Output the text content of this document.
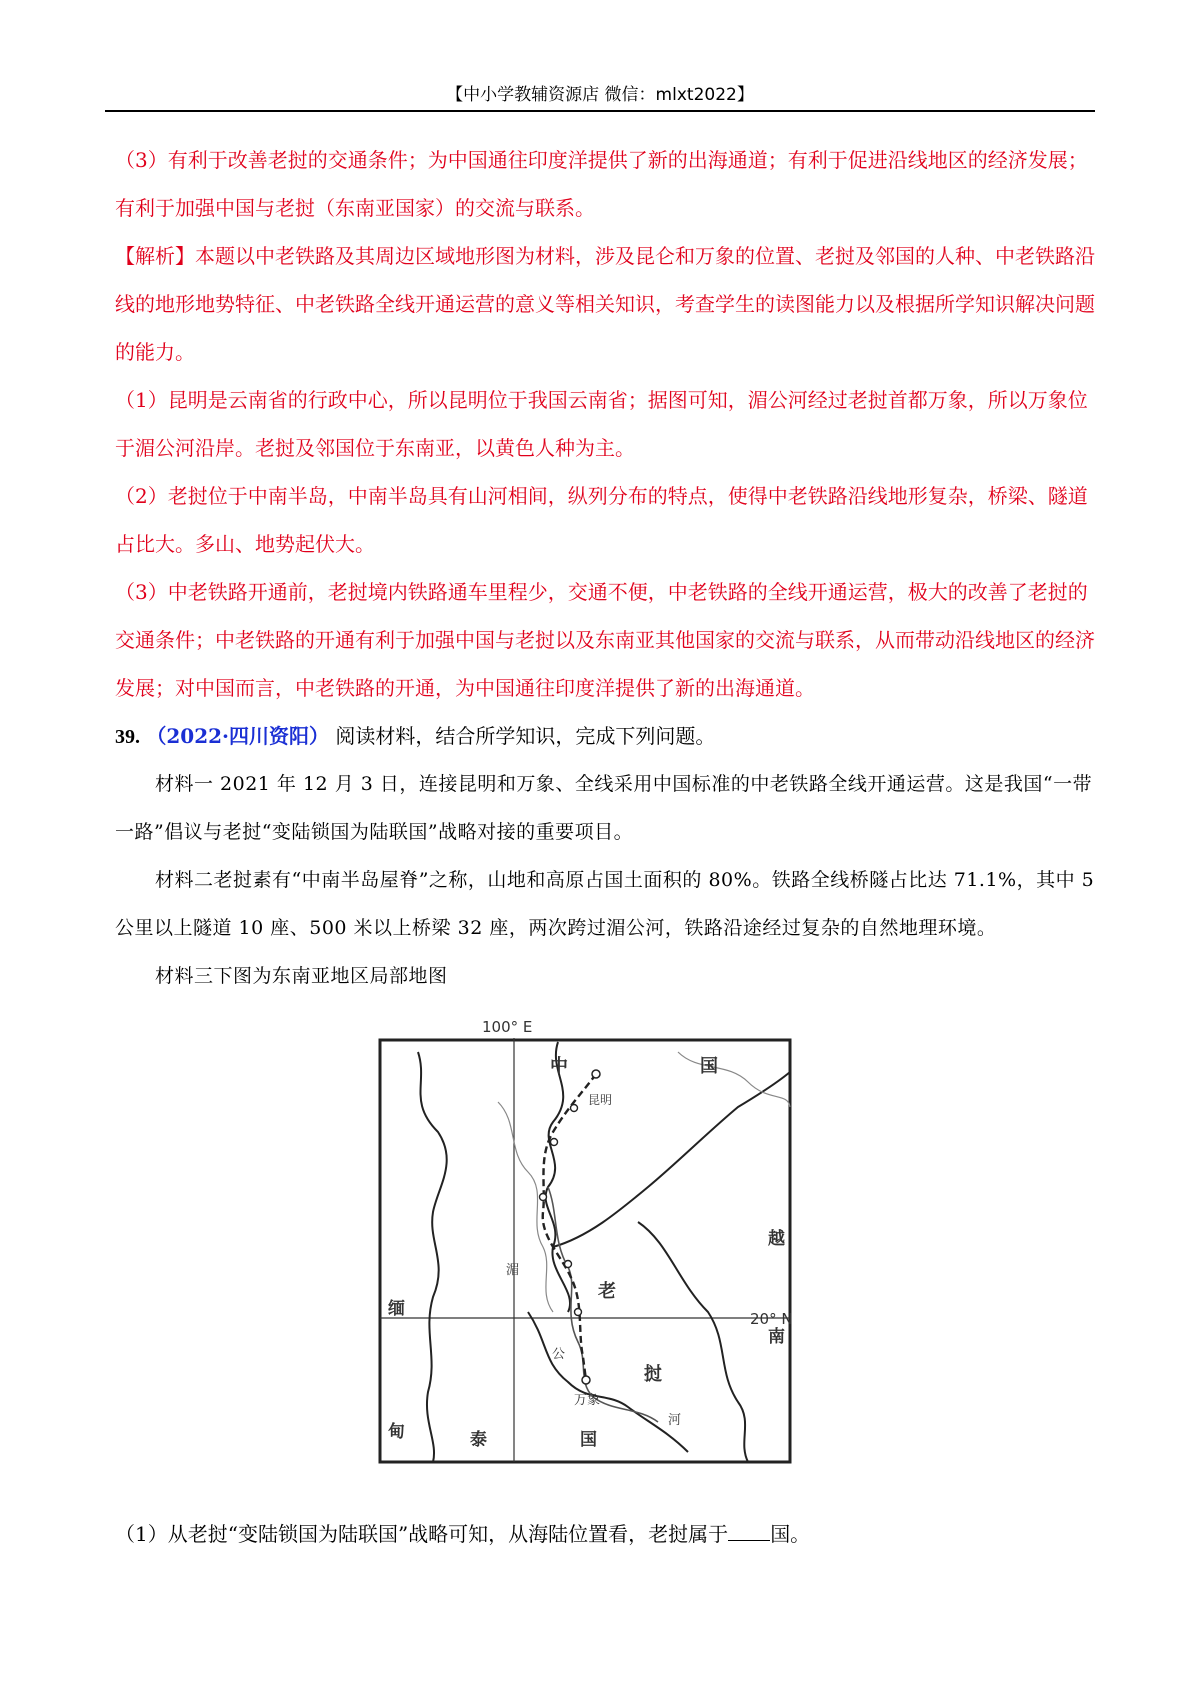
【中小学教辅资源店 微信：mlxt2022】

（3）有利于改善老挝的交通条件；为中国通往印度洋提供了新的出海通道；有利于促进沿线地区的经济发展；有利于加强中国与老挝（东南亚国家）的交流与联系。

【解析】本题以中老铁路及其周边区域地形图为材料，涉及昆仑和万象的位置、老挝及邻国的人种、中老铁路沿线的地形地势特征、中老铁路全线开通运营的意义等相关知识，考查学生的读图能力以及根据所学知识解决问题的能力。

（1）昆明是云南省的行政中心，所以昆明位于我国云南省；据图可知，湄公河经过老挝首都万象，所以万象位于湄公河沿岸。老挝及邻国位于东南亚，以黄色人种为主。

（2）老挝位于中南半岛，中南半岛具有山河相间，纵列分布的特点，使得中老铁路沿线地形复杂，桥梁、隧道占比大。多山、地势起伏大。

（3）中老铁路开通前，老挝境内铁路通车里程少，交通不便，中老铁路的全线开通运营，极大的改善了老挝的交通条件；中老铁路的开通有利于加强中国与老挝以及东南亚其他国家的交流与联系，从而带动沿线地区的经济发展；对中国而言，中老铁路的开通，为中国通往印度洋提供了新的出海通道。

39. （2022·四川资阳） 阅读材料，结合所学知识，完成下列问题。

材料一 2021 年 12 月 3 日，连接昆明和万象、全线采用中国标准的中老铁路全线开通运营。这是我国“一带一路”倡议与老挝“变陆锁国为陆联国”战略对接的重要项目。

材料二老挝素有“中南半岛屋脊”之称，山地和高原占国土面积的 80%。铁路全线桥隧占比达 71.1%，其中 5 公里以上隧道 10 座、500 米以上桥梁 32 座，两次跨过湄公河，铁路沿途经过复杂的自然地理环境。

材料三下图为东南亚地区局部地图

100° E
20° N
中	国
昆明
越
南
老
挝
缅
甸	泰	国
湄
公
河
万象

（1）从老挝“变陆锁国为陆联国”战略可知，从海陆位置看，老挝属于 国。
